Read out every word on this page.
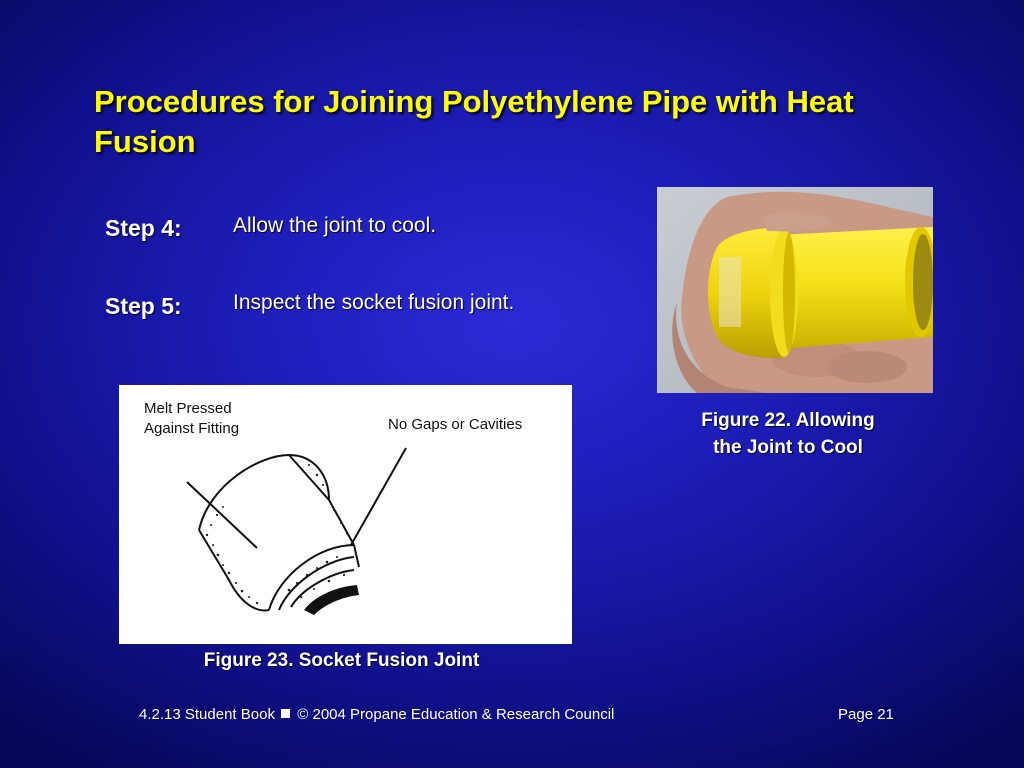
Procedures for Joining Polyethylene Pipe with Heat Fusion
Step 4: Allow the joint to cool.
Step 5: Inspect the socket fusion joint.
Figure 22. Allowing
the Joint to Cool
Melt Pressed
Against Fitting	No Gaps or Cavities
Figure 23. Socket Fusion Joint
4.2.13 Student Book © 2004 Propane Education & Research Council	Page 21
